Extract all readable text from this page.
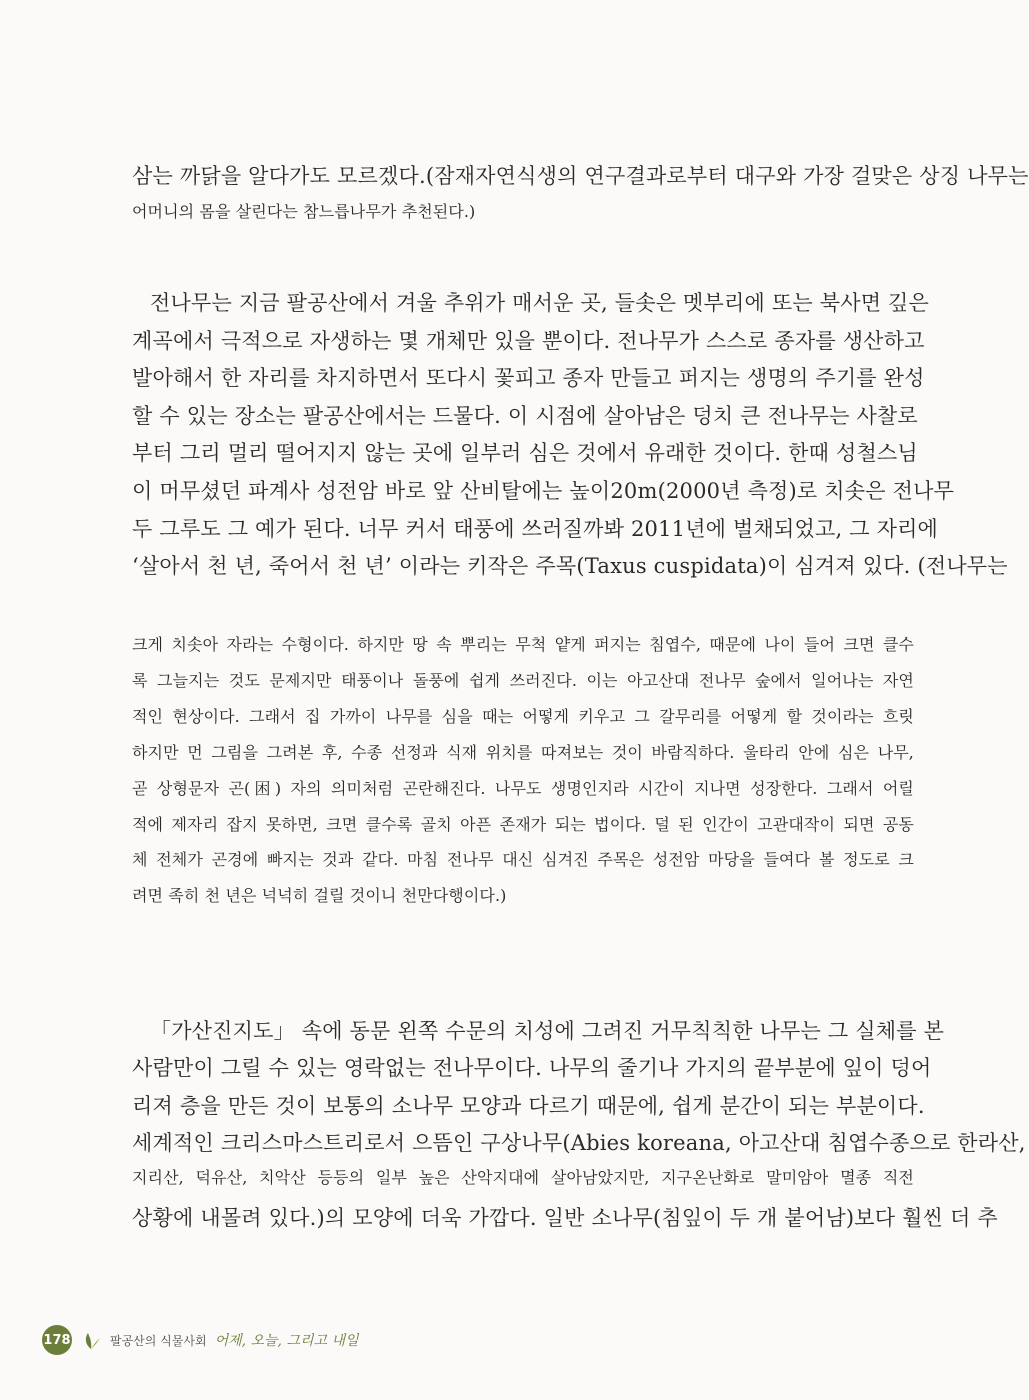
삼는 까닭을 알다가도 모르겠다.(잠재자연식생의 연구결과로부터 대구와 가장 걸맞은 상징 나무는
어머니의 몸을 살린다는 참느릅나무가 추천된다.)
전나무는 지금 팔공산에서 겨울 추위가 매서운 곳, 들솟은 멧부리에 또는 북사면 깊은
계곡에서 극적으로 자생하는 몇 개체만 있을 뿐이다. 전나무가 스스로 종자를 생산하고
발아해서 한 자리를 차지하면서 또다시 꽃피고 종자 만들고 퍼지는 생명의 주기를 완성
할 수 있는 장소는 팔공산에서는 드물다. 이 시점에 살아남은 덩치 큰 전나무는 사찰로
부터 그리 멀리 떨어지지 않는 곳에 일부러 심은 것에서 유래한 것이다. 한때 성철스님
이 머무셨던 파계사 성전암 바로 앞 산비탈에는 높이20m(2000년 측정)로 치솟은 전나무
두 그루도 그 예가 된다. 너무 커서 태풍에 쓰러질까봐 2011년에 벌채되었고, 그 자리에
‘살아서 천 년, 죽어서 천 년’ 이라는 키작은 주목(Taxus cuspidata)이 심겨져 있다. (전나무는
크게 치솟아 자라는 수형이다. 하지만 땅 속 뿌리는 무척 얕게 퍼지는 침엽수, 때문에 나이 들어 크면 클수
록 그늘지는 것도 문제지만 태풍이나 돌풍에 쉽게 쓰러진다. 이는 아고산대 전나무 숲에서 일어나는 자연
적인 현상이다. 그래서 집 가까이 나무를 심을 때는 어떻게 키우고 그 갈무리를 어떻게 할 것이라는 흐릿
하지만 먼 그림을 그려본 후, 수종 선정과 식재 위치를 따져보는 것이 바람직하다. 울타리 안에 심은 나무,
곧 상형문자 곤(困) 자의 의미처럼 곤란해진다. 나무도 생명인지라 시간이 지나면 성장한다. 그래서 어릴
적에 제자리 잡지 못하면, 크면 클수록 골치 아픈 존재가 되는 법이다. 덜 된 인간이 고관대작이 되면 공동
체 전체가 곤경에 빠지는 것과 같다. 마침 전나무 대신 심겨진 주목은 성전암 마당을 들여다 볼 정도로 크
려면 족히 천 년은 넉넉히 걸릴 것이니 천만다행이다.)
「가산진지도」 속에 동문 왼쪽 수문의 치성에 그려진 거무칙칙한 나무는 그 실체를 본
사람만이 그릴 수 있는 영락없는 전나무이다. 나무의 줄기나 가지의 끝부분에 잎이 덩어
리져 층을 만든 것이 보통의 소나무 모양과 다르기 때문에, 쉽게 분간이 되는 부분이다.
세계적인 크리스마스트리로서 으뜸인 구상나무(Abies koreana, 아고산대 침엽수종으로 한라산,
지리산, 덕유산, 치악산 등등의 일부 높은 산악지대에 살아남았지만, 지구온난화로 말미암아 멸종 직전
상황에 내몰려 있다.)의 모양에 더욱 가깝다. 일반 소나무(침잎이 두 개 붙어남)보다 훨씬 더 추
178	팔공산의 식물사회 어제, 오늘, 그리고 내일
